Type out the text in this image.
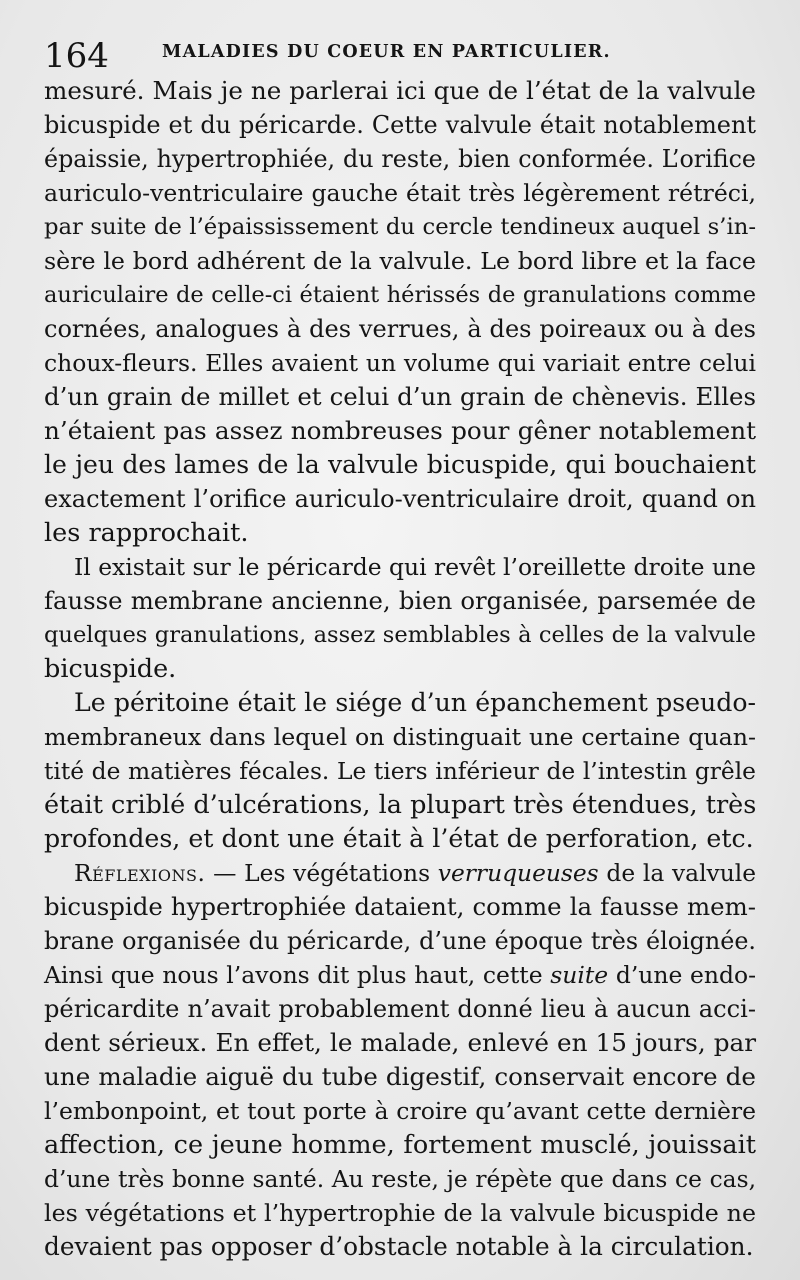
164	MALADIES DU COEUR EN PARTICULIER.
mesuré. Mais je ne parlerai ici que de l’état de la valvule
bicuspide et du péricarde. Cette valvule était notablement
épaissie, hypertrophiée, du reste, bien conformée. L’orifice
auriculo-ventriculaire gauche était très légèrement rétréci,
par suite de l’épaississement du cercle tendineux auquel s’in-
sère le bord adhérent de la valvule. Le bord libre et la face
auriculaire de celle-ci étaient hérissés de granulations comme
cornées, analogues à des verrues, à des poireaux ou à des
choux-fleurs. Elles avaient un volume qui variait entre celui
d’un grain de millet et celui d’un grain de chènevis. Elles
n’étaient pas assez nombreuses pour gêner notablement
le jeu des lames de la valvule bicuspide, qui bouchaient
exactement l’orifice auriculo-ventriculaire droit, quand on
les rapprochait.
Il existait sur le péricarde qui revêt l’oreillette droite une
fausse membrane ancienne, bien organisée, parsemée de
quelques granulations, assez semblables à celles de la valvule
bicuspide.
Le péritoine était le siége d’un épanchement pseudo-
membraneux dans lequel on distinguait une certaine quan-
tité de matières fécales. Le tiers inférieur de l’intestin grêle
était criblé d’ulcérations, la plupart très étendues, très
profondes, et dont une était à l’état de perforation, etc.
Réflexions. — Les végétations verruqueuses de la valvule
bicuspide hypertrophiée dataient, comme la fausse mem-
brane organisée du péricarde, d’une époque très éloignée.
Ainsi que nous l’avons dit plus haut, cette suite d’une endo-
péricardite n’avait probablement donné lieu à aucun acci-
dent sérieux. En effet, le malade, enlevé en 15 jours, par
une maladie aiguë du tube digestif, conservait encore de
l’embonpoint, et tout porte à croire qu’avant cette dernière
affection, ce jeune homme, fortement musclé, jouissait
d’une très bonne santé. Au reste, je répète que dans ce cas,
les végétations et l’hypertrophie de la valvule bicuspide ne
devaient pas opposer d’obstacle notable à la circulation.
